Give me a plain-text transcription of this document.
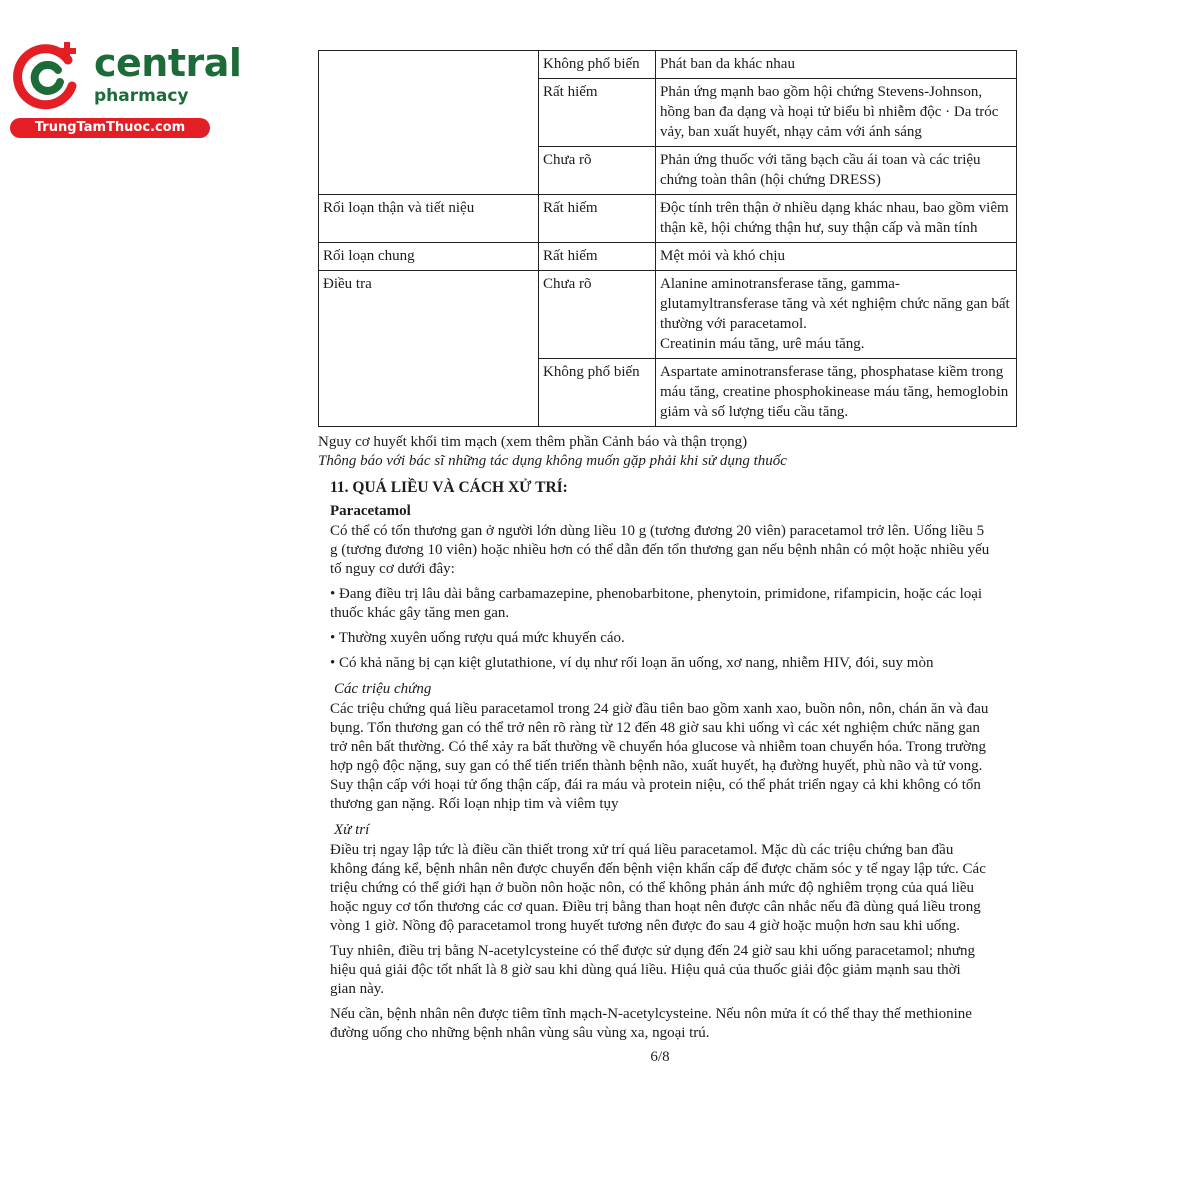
central
pharmacy
TrungTamThuoc.com
	Không phổ biến	Phát ban da khác nhau
	Rất hiếm	Phản ứng mạnh bao gồm hội chứng Stevens-Johnson, hồng ban đa dạng và hoại tử biểu bì nhiễm độc · Da tróc vảy, ban xuất huyết, nhạy cảm với ánh sáng
	Chưa rõ	Phản ứng thuốc với tăng bạch cầu ái toan và các triệu chứng toàn thân (hội chứng DRESS)
Rối loạn thận và tiết niệu	Rất hiếm	Độc tính trên thận ở nhiều dạng khác nhau, bao gồm viêm thận kẽ, hội chứng thận hư, suy thận cấp và mãn tính
Rối loạn chung	Rất hiếm	Mệt mỏi và khó chịu
Điều tra	Chưa rõ	Alanine aminotransferase tăng, gamma-glutamyltransferase tăng và xét nghiệm chức năng gan bất thường với paracetamol.
Creatinin máu tăng, urê máu tăng.

	Không phổ biến	Aspartate aminotransferase tăng, phosphatase kiềm trong máu tăng, creatine phosphokinease máu tăng, hemoglobin giảm và số lượng tiểu cầu tăng.
Nguy cơ huyết khối tim mạch (xem thêm phần Cảnh báo và thận trọng)
Thông báo với bác sĩ những tác dụng không muốn gặp phải khi sử dụng thuốc
11. QUÁ LIỀU VÀ CÁCH XỬ TRÍ:
Paracetamol

Có thể có tổn thương gan ở người lớn dùng liều 10 g (tương đương 20 viên) paracetamol trở lên. Uống liều 5 g (tương đương 10 viên) hoặc nhiều hơn có thể dẫn đến tổn thương gan nếu bệnh nhân có một hoặc nhiều yếu tố nguy cơ dưới đây:

• Đang điều trị lâu dài bằng carbamazepine, phenobarbitone, phenytoin, primidone, rifampicin, hoặc các loại thuốc khác gây tăng men gan.
• Thường xuyên uống rượu quá mức khuyến cáo.
• Có khả năng bị cạn kiệt glutathione, ví dụ như rối loạn ăn uống, xơ nang, nhiễm HIV, đói, suy mòn
Các triệu chứng

Các triệu chứng quá liều paracetamol trong 24 giờ đầu tiên bao gồm xanh xao, buồn nôn, nôn, chán ăn và đau bụng. Tổn thương gan có thể trở nên rõ ràng từ 12 đến 48 giờ sau khi uống vì các xét nghiệm chức năng gan trở nên bất thường. Có thể xảy ra bất thường về chuyển hóa glucose và nhiễm toan chuyển hóa. Trong trường hợp ngộ độc nặng, suy gan có thể tiến triển thành bệnh não, xuất huyết, hạ đường huyết, phù não và tử vong. Suy thận cấp với hoại tử ống thận cấp, đái ra máu và protein niệu, có thể phát triển ngay cả khi không có tổn thương gan nặng. Rối loạn nhịp tim và viêm tụy

Xử trí

Điều trị ngay lập tức là điều cần thiết trong xử trí quá liều paracetamol. Mặc dù các triệu chứng ban đầu không đáng kể, bệnh nhân nên được chuyển đến bệnh viện khẩn cấp để được chăm sóc y tế ngay lập tức. Các triệu chứng có thể giới hạn ở buồn nôn hoặc nôn, có thể không phản ánh mức độ nghiêm trọng của quá liều hoặc nguy cơ tổn thương các cơ quan. Điều trị bằng than hoạt nên được cân nhắc nếu đã dùng quá liều trong vòng 1 giờ. Nồng độ paracetamol trong huyết tương nên được đo sau 4 giờ hoặc muộn hơn sau khi uống.

Tuy nhiên, điều trị bằng N-acetylcysteine có thể được sử dụng đến 24 giờ sau khi uống paracetamol; nhưng hiệu quả giải độc tốt nhất là 8 giờ sau khi dùng quá liều. Hiệu quả của thuốc giải độc giảm mạnh sau thời gian này.

Nếu cần, bệnh nhân nên được tiêm tĩnh mạch-N-acetylcysteine. Nếu nôn mửa ít có thể thay thế methionine đường uống cho những bệnh nhân vùng sâu vùng xa, ngoại trú.

6/8
